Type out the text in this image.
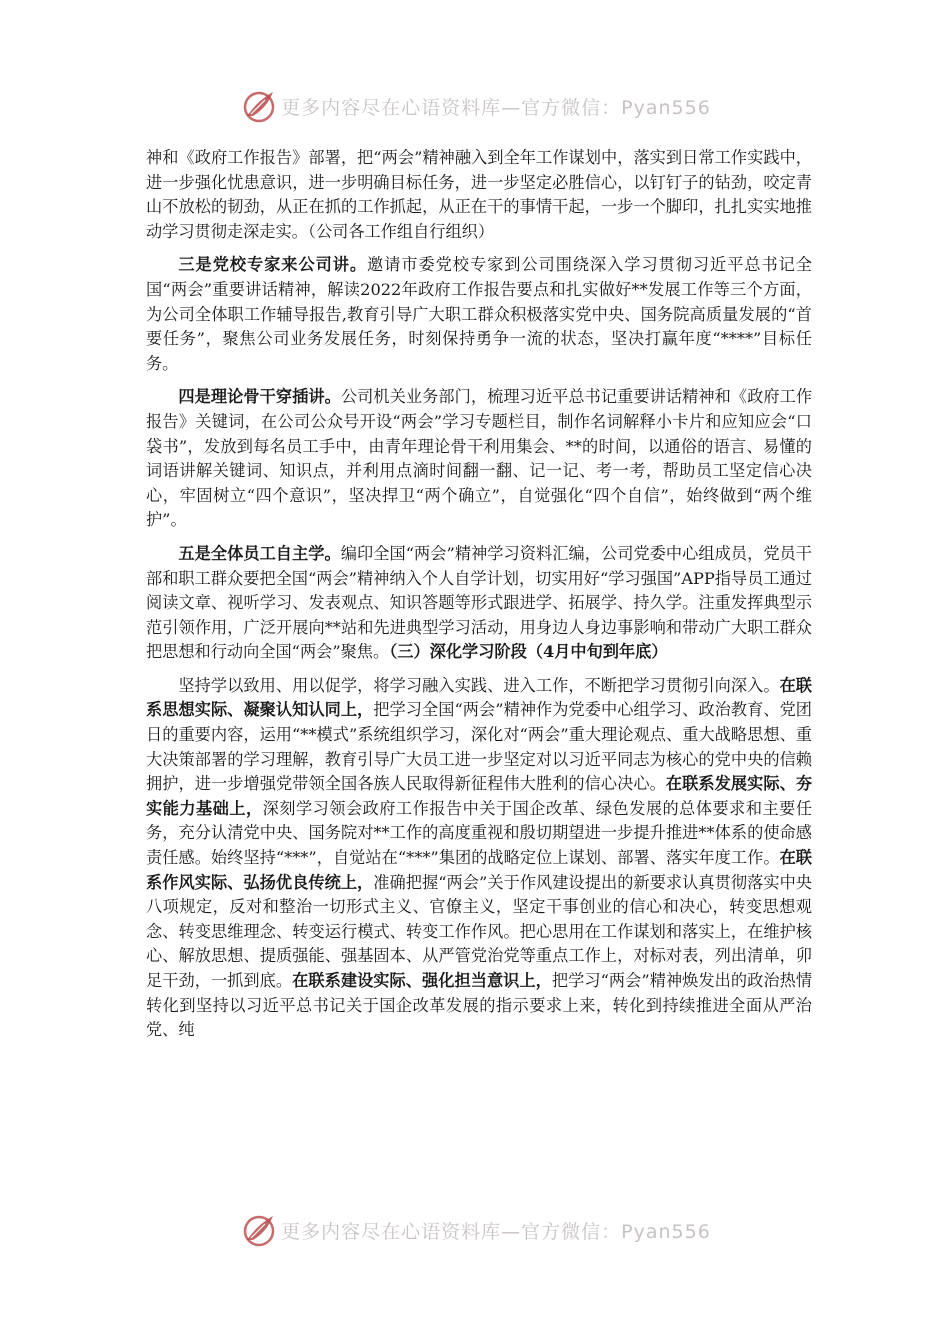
更多内容尽在心语资料库—官方微信：Pyan556

神和《政府工作报告》部署，把“两会”精神融入到全年工作谋划中，落实到日常工作实践中，进一步强化忧患意识，进一步明确目标任务，进一步坚定必胜信心，以钉钉子的钻劲，咬定青山不放松的韧劲，从正在抓的工作抓起，从正在干的事情干起，一步一个脚印，扎扎实实地推动学习贯彻走深走实。（公司各工作组自行组织）

三是党校专家来公司讲。邀请市委党校专家到公司围绕深入学习贯彻习近平总书记全国“两会”重要讲话精神，解读2022年政府工作报告要点和扎实做好**发展工作等三个方面，为公司全体职工作辅导报告,教育引导广大职工群众积极落实党中央、国务院高质量发展的“首要任务”，聚焦公司业务发展任务，时刻保持勇争一流的状态，坚决打赢年度“****”目标任务。

四是理论骨干穿插讲。公司机关业务部门，梳理习近平总书记重要讲话精神和《政府工作报告》关键词，在公司公众号开设“两会”学习专题栏目，制作名词解释小卡片和应知应会“口袋书”，发放到每名员工手中，由青年理论骨干利用集会、**的时间，以通俗的语言、易懂的词语讲解关键词、知识点，并利用点滴时间翻一翻、记一记、考一考，帮助员工坚定信心决心，牢固树立“四个意识”，坚决捍卫“两个确立”，自觉强化“四个自信”，始终做到“两个维护”。

五是全体员工自主学。编印全国“两会”精神学习资料汇编，公司党委中心组成员，党员干部和职工群众要把全国“两会”精神纳入个人自学计划，切实用好“学习强国”APP指导员工通过阅读文章、视听学习、发表观点、知识答题等形式跟进学、拓展学、持久学。注重发挥典型示范引领作用，广泛开展向**站和先进典型学习活动，用身边人身边事影响和带动广大职工群众把思想和行动向全国“两会”聚焦。（三）深化学习阶段（4月中旬到年底）

坚持学以致用、用以促学，将学习融入实践、进入工作，不断把学习贯彻引向深入。在联系思想实际、凝聚认知认同上，把学习全国“两会”精神作为党委中心组学习、政治教育、党团日的重要内容，运用“**模式”系统组织学习，深化对“两会”重大理论观点、重大战略思想、重大决策部署的学习理解，教育引导广大员工进一步坚定对以习近平同志为核心的党中央的信赖拥护，进一步增强党带领全国各族人民取得新征程伟大胜利的信心决心。在联系发展实际、夯实能力基础上，深刻学习领会政府工作报告中关于国企改革、绿色发展的总体要求和主要任务，充分认清党中央、国务院对**工作的高度重视和殷切期望进一步提升推进**体系的使命感责任感。始终坚持“***”，自觉站在“***”集团的战略定位上谋划、部署、落实年度工作。在联系作风实际、弘扬优良传统上，准确把握“两会”关于作风建设提出的新要求认真贯彻落实中央八项规定，反对和整治一切形式主义、官僚主义，坚定干事创业的信心和决心，转变思想观念、转变思维理念、转变运行模式、转变工作作风。把心思用在工作谋划和落实上，在维护核心、解放思想、提质强能、强基固本、从严管党治党等重点工作上，对标对表，列出清单，卯足干劲，一抓到底。在联系建设实际、强化担当意识上，把学习“两会”精神焕发出的政治热情转化到坚持以习近平总书记关于国企改革发展的指示要求上来，转化到持续推进全面从严治党、纯

更多内容尽在心语资料库—官方微信：Pyan556
